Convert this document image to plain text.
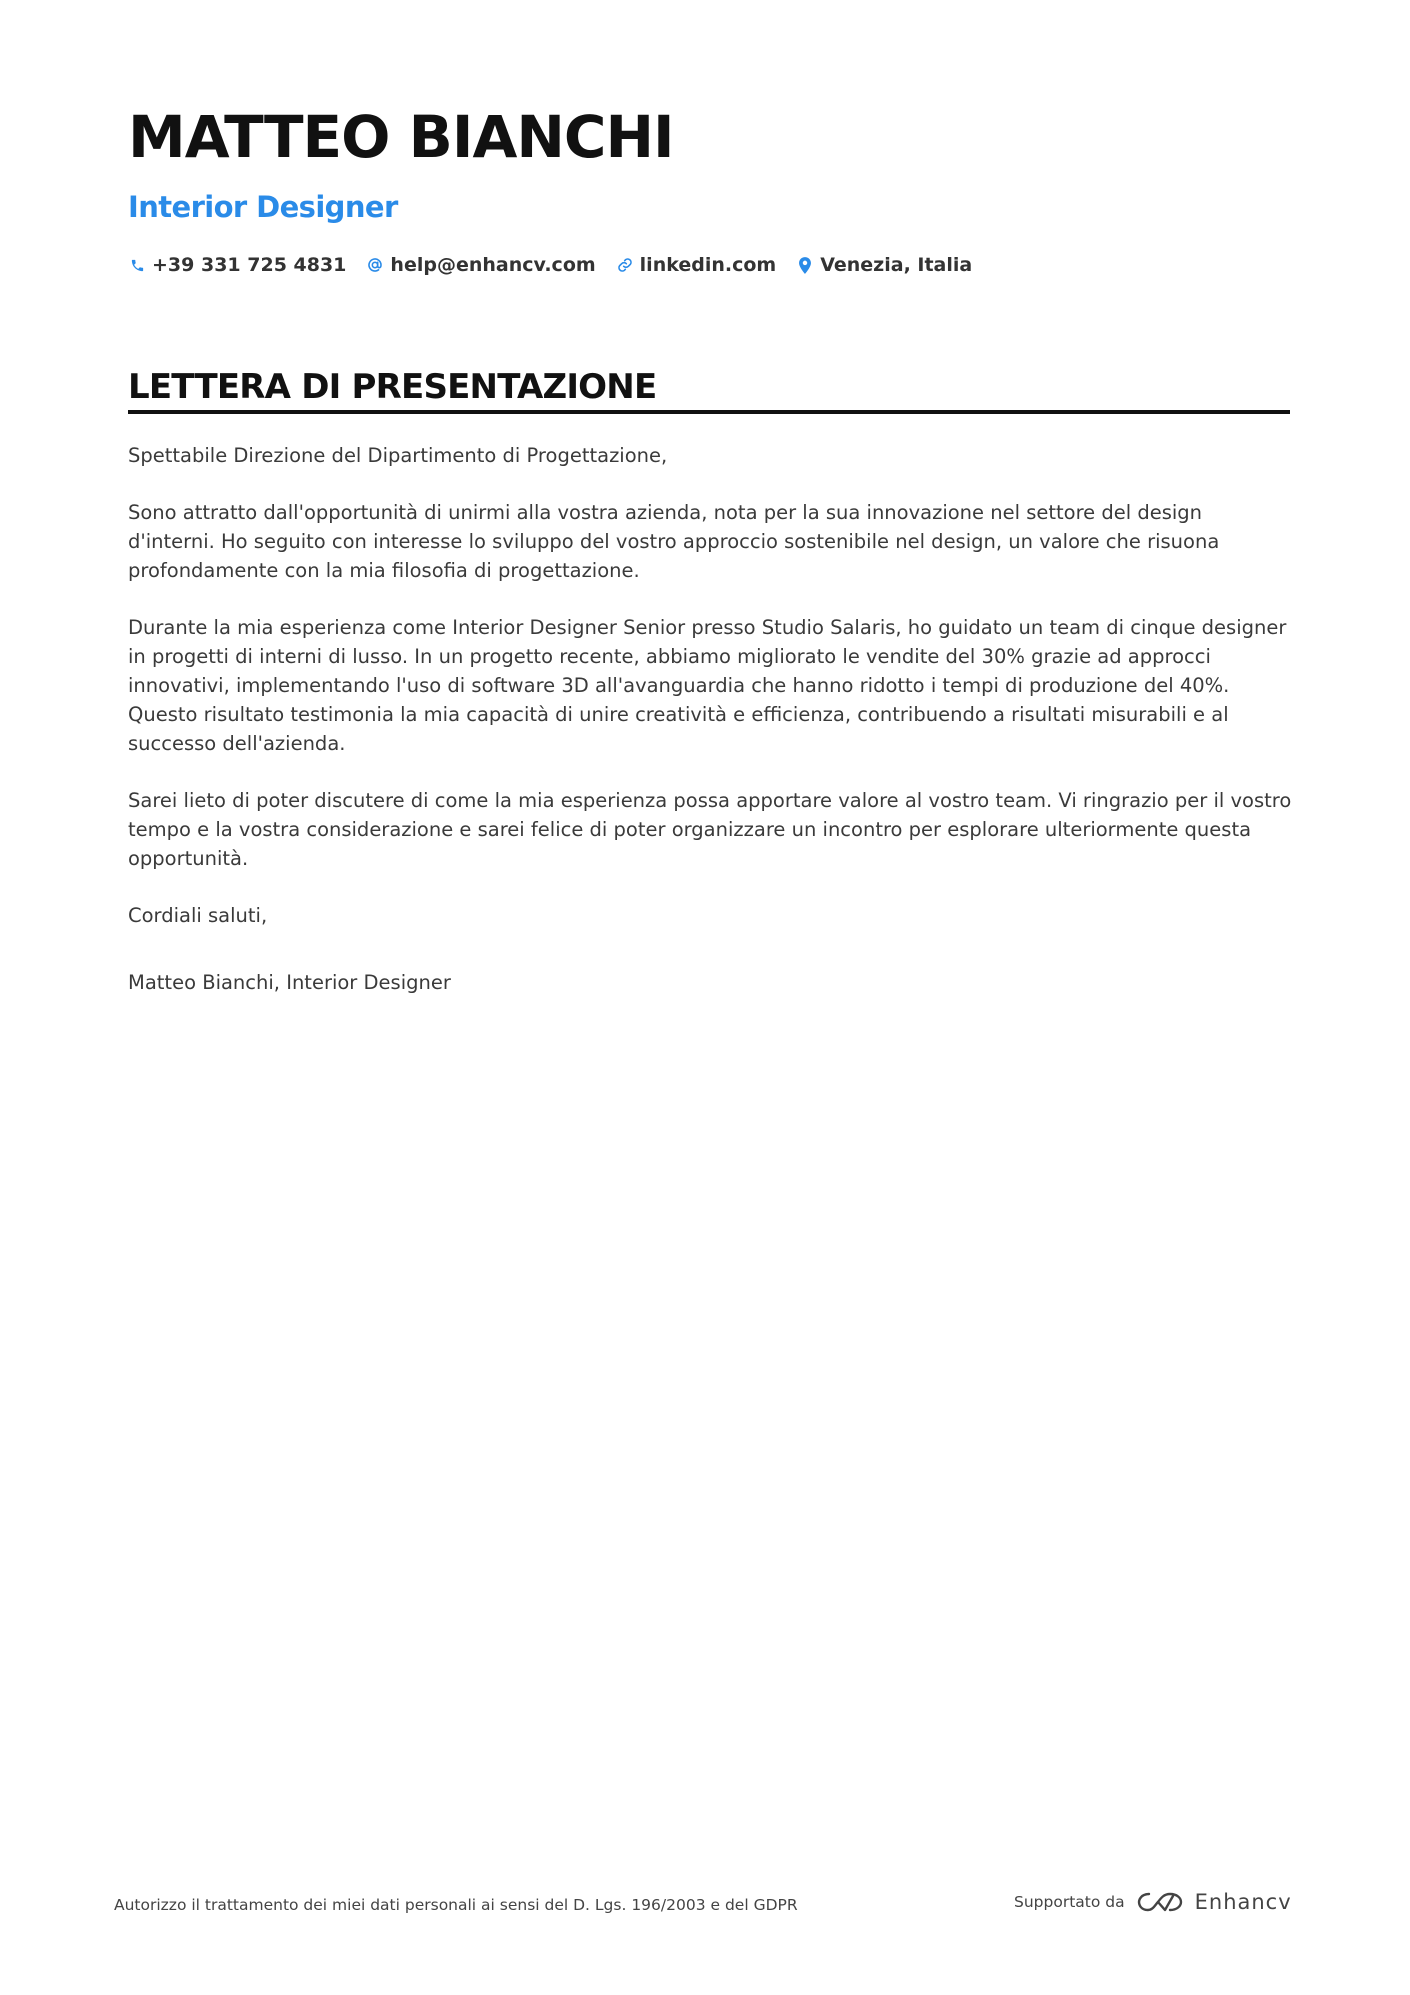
MATTEO BIANCHI
Interior Designer
+39 331 725 4831 help@enhancv.com linkedin.com Venezia, Italia
LETTERA DI PRESENTAZIONE

Spettabile Direzione del Dipartimento di Progettazione,

Sono attratto dall'opportunità di unirmi alla vostra azienda, nota per la sua innovazione nel settore del design d'interni. Ho seguito con interesse lo sviluppo del vostro approccio sostenibile nel design, un valore che risuona profondamente con la mia filosofia di progettazione.

Durante la mia esperienza come Interior Designer Senior presso Studio Salaris, ho guidato un team di cinque designer in progetti di interni di lusso. In un progetto recente, abbiamo migliorato le vendite del 30% grazie ad approcci innovativi, implementando l'uso di software 3D all'avanguardia che hanno ridotto i tempi di produzione del 40%. Questo risultato testimonia la mia capacità di unire creatività e efficienza, contribuendo a risultati misurabili e al successo dell'azienda.

Sarei lieto di poter discutere di come la mia esperienza possa apportare valore al vostro team. Vi ringrazio per il vostro tempo e la vostra considerazione e sarei felice di poter organizzare un incontro per esplorare ulteriormente questa opportunità.

Cordiali saluti,

Matteo Bianchi, Interior Designer

Autorizzo il trattamento dei miei dati personali ai sensi del D. Lgs. 196/2003 e del GDPR	Supportato da	Enhancv
